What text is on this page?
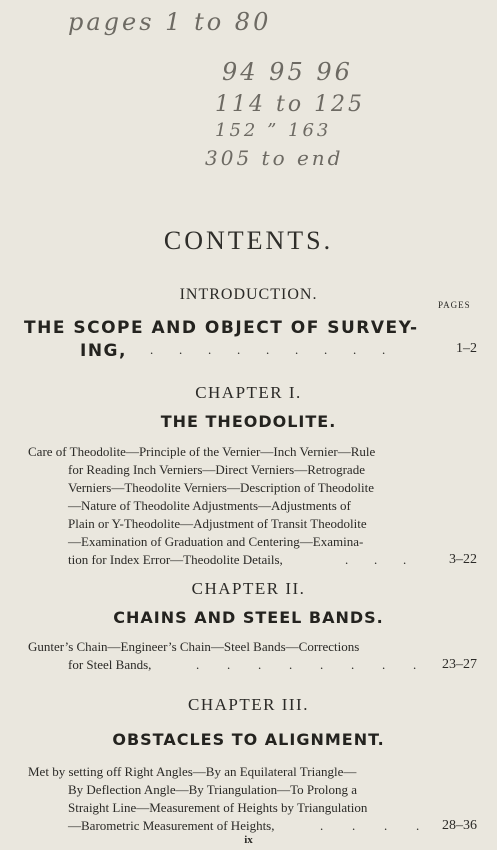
pages 1 to 80
94 95 96
114 to 125
152 ” 163
305 to end
CONTENTS.
INTRODUCTION.
PAGES
THE SCOPE AND OBJECT OF SURVEY-
ING, . . . . . . . . .	1–2
CHAPTER I.
THE THEODOLITE.
Care of Theodolite—Principle of the Vernier—Inch Vernier—Rule
for Reading Inch Verniers—Direct Verniers—Retrograde
Verniers—Theodolite Verniers—Description of Theodolite
—Nature of Theodolite Adjustments—Adjustments of
Plain or Y-Theodolite—Adjustment of Transit Theodolite
—Examination of Graduation and Centering—Examina-
tion for Index Error—Theodolite Details,	. . .	3–22
CHAPTER II.
CHAINS AND STEEL BANDS.
Gunter’s Chain—Engineer’s Chain—Steel Bands—Corrections
for Steel Bands,	. . . . . . . .	23–27
CHAPTER III.
OBSTACLES TO ALIGNMENT.
Met by setting off Right Angles—By an Equilateral Triangle—
By Deflection Angle—By Triangulation—To Prolong a
Straight Line—Measurement of Heights by Triangulation
—Barometric Measurement of Heights,	. . . .	28–36
ix
